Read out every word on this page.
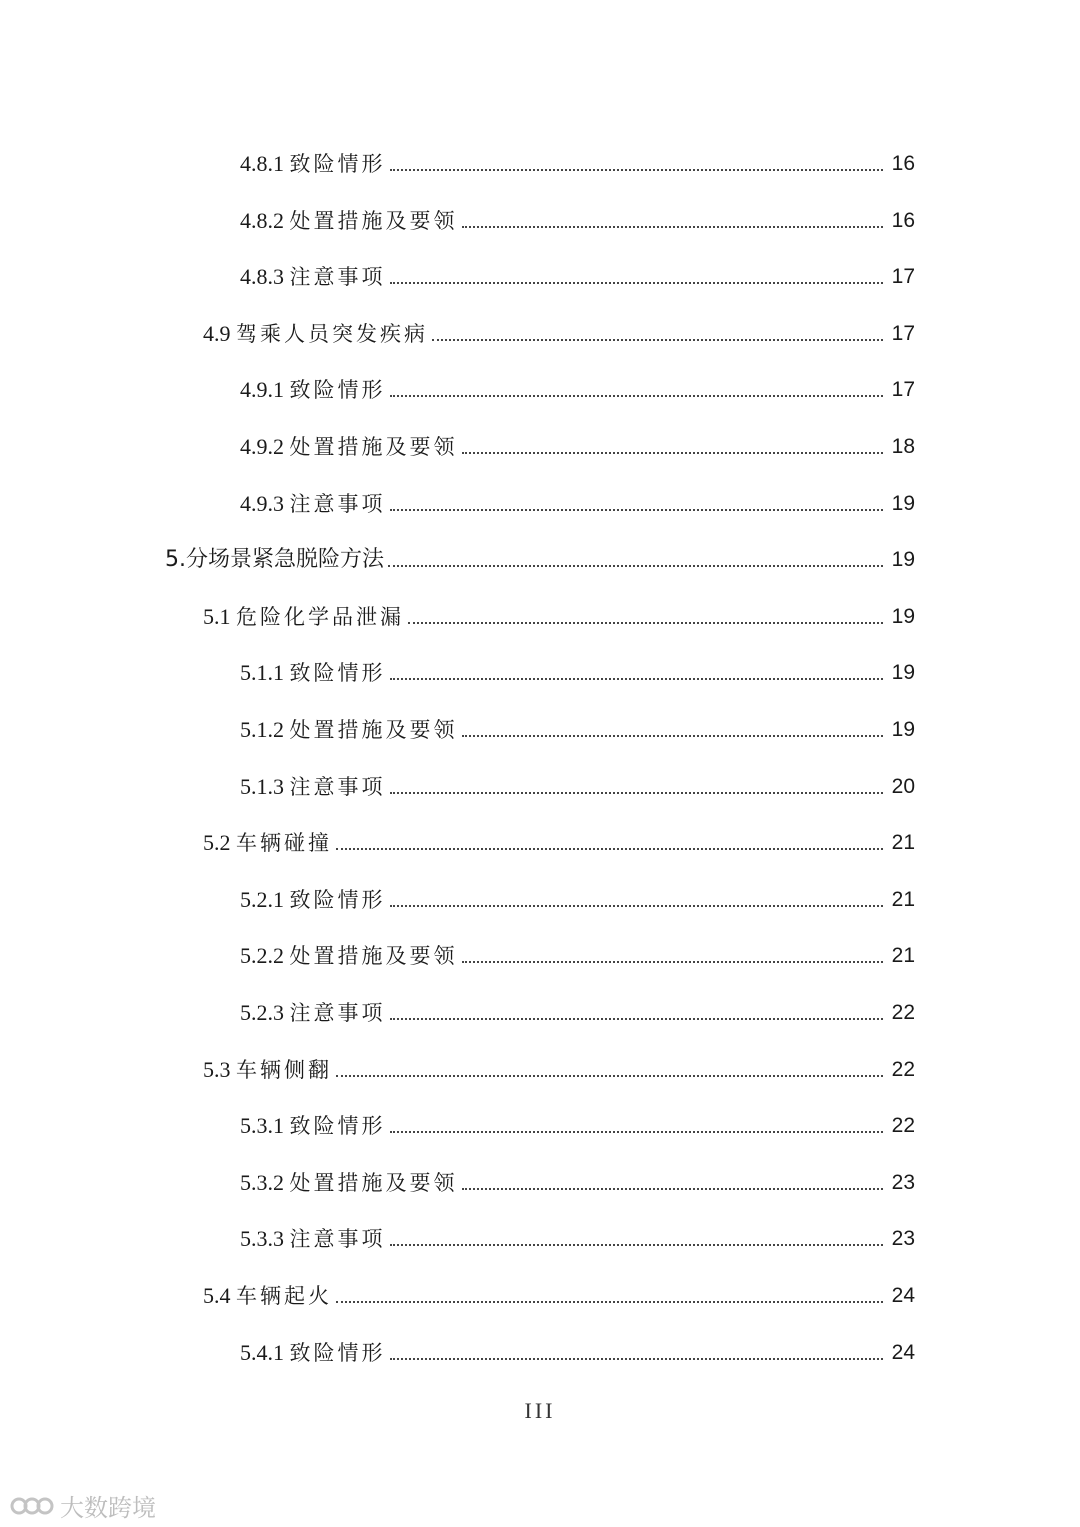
4.8.1 致险情形	16
4.8.2 处置措施及要领	16
4.8.3 注意事项	17
4.9 驾乘人员突发疾病	17
4.9.1 致险情形	17
4.9.2 处置措施及要领	18
4.9.3 注意事项	19
5. 分场景紧急脱险方法	19
5.1 危险化学品泄漏	19
5.1.1 致险情形	19
5.1.2 处置措施及要领	19
5.1.3 注意事项	20
5.2 车辆碰撞	21
5.2.1 致险情形	21
5.2.2 处置措施及要领	21
5.2.3 注意事项	22
5.3 车辆侧翻	22
5.3.1 致险情形	22
5.3.2 处置措施及要领	23
5.3.3 注意事项	23
5.4 车辆起火	24
5.4.1 致险情形	24
III
大数跨境
